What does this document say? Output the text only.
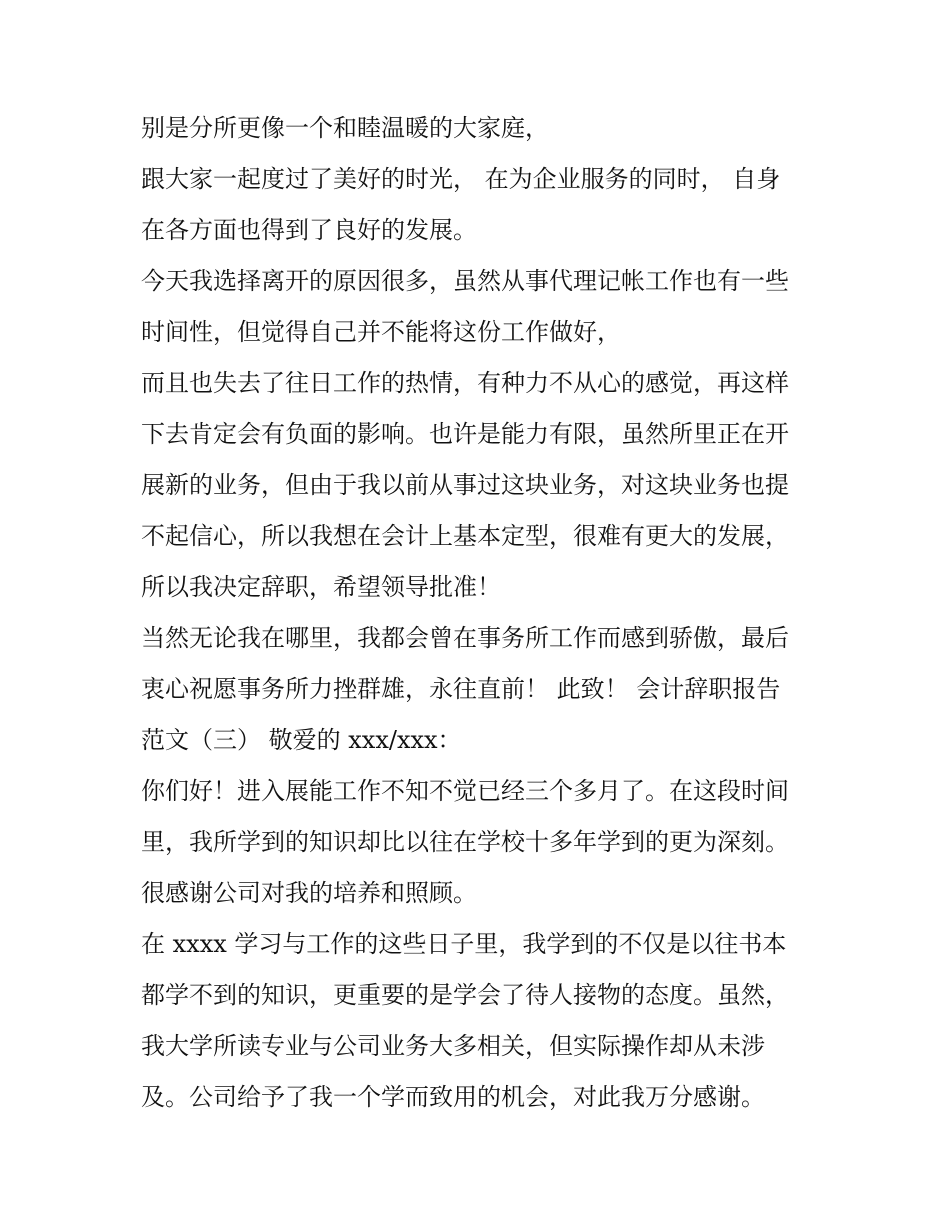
别是分所更像一个和睦温暖的大家庭，
跟大家一起度过了美好的时光， 在为企业服务的同时， 自身
在各方面也得到了良好的发展。
今天我选择离开的原因很多，虽然从事代理记帐工作也有一些
时间性，但觉得自己并不能将这份工作做好，
而且也失去了往日工作的热情，有种力不从心的感觉，再这样
下去肯定会有负面的影响。也许是能力有限，虽然所里正在开
展新的业务，但由于我以前从事过这块业务，对这块业务也提
不起信心，所以我想在会计上基本定型，很难有更大的发展，
所以我决定辞职，希望领导批准！
当然无论我在哪里，我都会曾在事务所工作而感到骄傲，最后
衷心祝愿事务所力挫群雄，永往直前！ 此致！ 会计辞职报告
范文（三） 敬爱的 xxx/xxx：
你们好！进入展能工作不知不觉已经三个多月了。在这段时间
里，我所学到的知识却比以往在学校十多年学到的更为深刻。
很感谢公司对我的培养和照顾。
在 xxxx 学习与工作的这些日子里，我学到的不仅是以往书本
都学不到的知识，更重要的是学会了待人接物的态度。虽然，
我大学所读专业与公司业务大多相关，但实际操作却从未涉
及。公司给予了我一个学而致用的机会，对此我万分感谢。
